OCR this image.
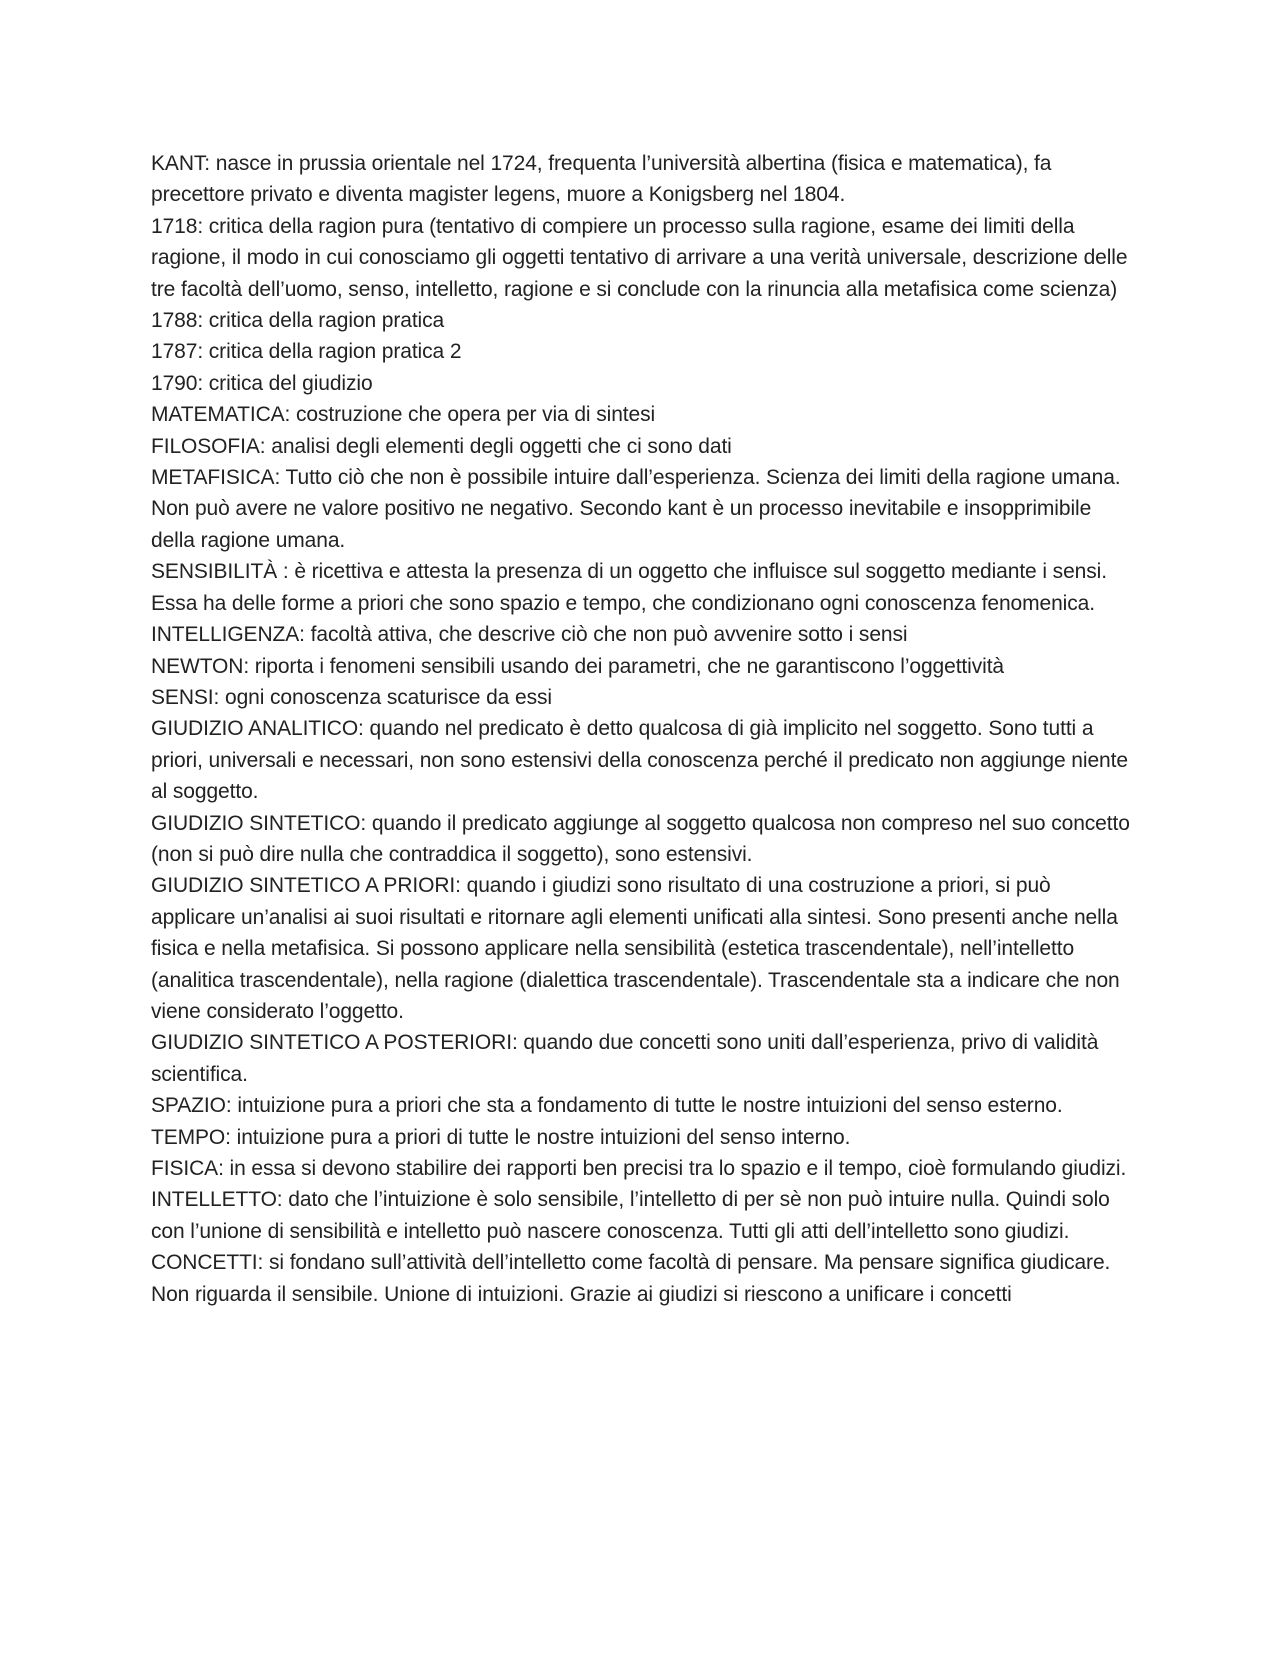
KANT: nasce in prussia orientale nel 1724, frequenta l’università albertina (fisica e matematica), fa precettore privato e diventa magister legens, muore a Konigsberg nel 1804.

1718: critica della ragion pura (tentativo di compiere un processo sulla ragione, esame dei limiti della ragione, il modo in cui conosciamo gli oggetti tentativo di arrivare a una verità universale, descrizione delle tre facoltà dell’uomo, senso, intelletto, ragione e si conclude con la rinuncia alla metafisica come scienza)

1788: critica della ragion pratica

1787: critica della ragion pratica 2

1790: critica del giudizio

MATEMATICA: costruzione che opera per via di sintesi

FILOSOFIA: analisi degli elementi degli oggetti che ci sono dati

METAFISICA: Tutto ciò che non è possibile intuire dall’esperienza. Scienza dei limiti della ragione umana. Non può avere ne valore positivo ne negativo. Secondo kant è un processo inevitabile e insopprimibile della ragione umana.

SENSIBILITÀ : è ricettiva e attesta la presenza di un oggetto che influisce sul soggetto mediante i sensi. Essa ha delle forme a priori che sono spazio e tempo, che condizionano ogni conoscenza fenomenica.

INTELLIGENZA: facoltà attiva, che descrive ciò che non può avvenire sotto i sensi

NEWTON: riporta i fenomeni sensibili usando dei parametri, che ne garantiscono l’oggettività

SENSI: ogni conoscenza scaturisce da essi

GIUDIZIO ANALITICO: quando nel predicato è detto qualcosa di già implicito nel soggetto. Sono tutti a priori, universali e necessari, non sono estensivi della conoscenza perché il predicato non aggiunge niente al soggetto.

GIUDIZIO SINTETICO: quando il predicato aggiunge al soggetto qualcosa non compreso nel suo concetto (non si può dire nulla che contraddica il soggetto), sono estensivi.

GIUDIZIO SINTETICO A PRIORI: quando i giudizi sono risultato di una costruzione a priori, si può applicare un’analisi ai suoi risultati e ritornare agli elementi unificati alla sintesi. Sono presenti anche nella fisica e nella metafisica. Si possono applicare nella sensibilità (estetica trascendentale), nell’intelletto (analitica trascendentale), nella ragione (dialettica trascendentale). Trascendentale sta a indicare che non viene considerato l’oggetto.

GIUDIZIO SINTETICO A POSTERIORI: quando due concetti sono uniti dall’esperienza, privo di validità scientifica.

SPAZIO: intuizione pura a priori che sta a fondamento di tutte le nostre intuizioni del senso esterno.

TEMPO: intuizione pura a priori di tutte le nostre intuizioni del senso interno.

FISICA: in essa si devono stabilire dei rapporti ben precisi tra lo spazio e il tempo, cioè formulando giudizi.

INTELLETTO: dato che l’intuizione è solo sensibile, l’intelletto di per sè non può intuire nulla. Quindi solo con l’unione di sensibilità e intelletto può nascere conoscenza. Tutti gli atti dell’intelletto sono giudizi.

CONCETTI: si fondano sull’attività dell’intelletto come facoltà di pensare. Ma pensare significa giudicare. Non riguarda il sensibile. Unione di intuizioni. Grazie ai giudizi si riescono a unificare i concetti
